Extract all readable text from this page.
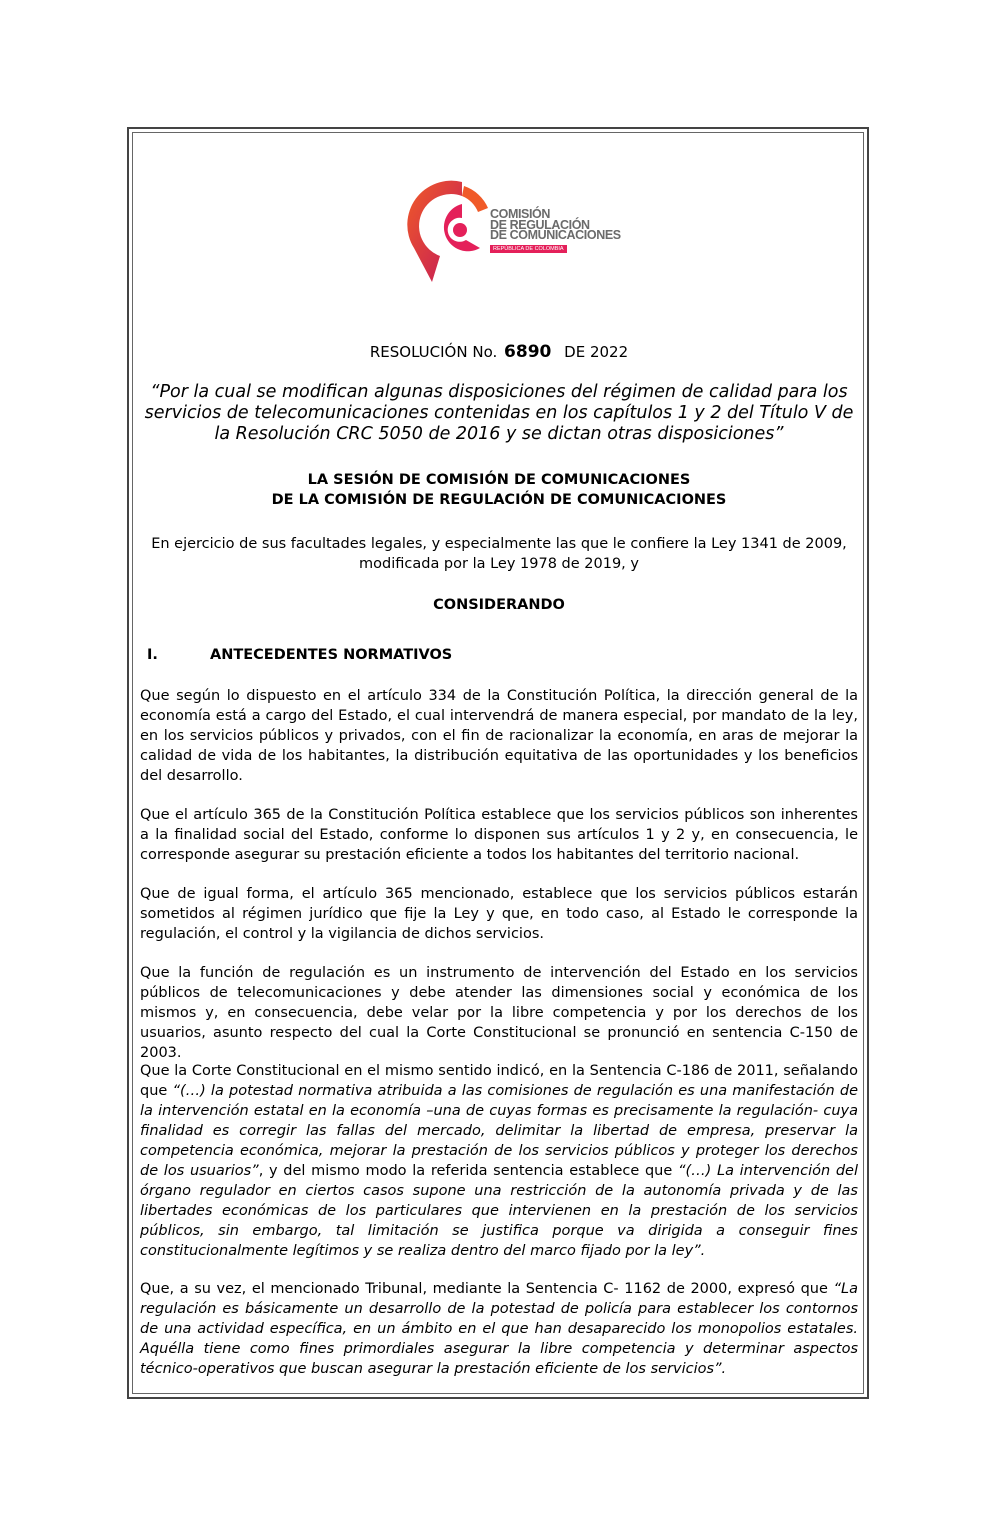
COMISIÓN
DE REGULACIÓN
DE COMUNICACIONES
REPÚBLICA DE COLOMBIA
RESOLUCIÓN No. 6890 DE 2022
“Por la cual se modifican algunas disposiciones del régimen de calidad para los servicios de telecomunicaciones contenidas en los capítulos 1 y 2 del Título V de la Resolución CRC 5050 de 2016 y se dictan otras disposiciones”
LA SESIÓN DE COMISIÓN DE COMUNICACIONES
DE LA COMISIÓN DE REGULACIÓN DE COMUNICACIONES
En ejercicio de sus facultades legales, y especialmente las que le confiere la Ley 1341 de 2009, modificada por la Ley 1978 de 2019, y
CONSIDERANDO
I.	ANTECEDENTES NORMATIVOS
Que según lo dispuesto en el artículo 334 de la Constitución Política, la dirección general de la economía está a cargo del Estado, el cual intervendrá de manera especial, por mandato de la ley, en los servicios públicos y privados, con el fin de racionalizar la economía, en aras de mejorar la calidad de vida de los habitantes, la distribución equitativa de las oportunidades y los beneficios del desarrollo.
Que el artículo 365 de la Constitución Política establece que los servicios públicos son inherentes a la finalidad social del Estado, conforme lo disponen sus artículos 1 y 2 y, en consecuencia, le corresponde asegurar su prestación eficiente a todos los habitantes del territorio nacional.
Que de igual forma, el artículo 365 mencionado, establece que los servicios públicos estarán sometidos al régimen jurídico que fije la Ley y que, en todo caso, al Estado le corresponde la regulación, el control y la vigilancia de dichos servicios.
Que la función de regulación es un instrumento de intervención del Estado en los servicios públicos de telecomunicaciones y debe atender las dimensiones social y económica de los mismos y, en consecuencia, debe velar por la libre competencia y por los derechos de los usuarios, asunto respecto del cual la Corte Constitucional se pronunció en sentencia C-150 de 2003.
Que la Corte Constitucional en el mismo sentido indicó, en la Sentencia C-186 de 2011, señalando que “(…) la potestad normativa atribuida a las comisiones de regulación es una manifestación de la intervención estatal en la economía –una de cuyas formas es precisamente la regulación- cuya finalidad es corregir las fallas del mercado, delimitar la libertad de empresa, preservar la competencia económica, mejorar la prestación de los servicios públicos y proteger los derechos de los usuarios”, y del mismo modo la referida sentencia establece que “(…) La intervención del órgano regulador en ciertos casos supone una restricción de la autonomía privada y de las libertades económicas de los particulares que intervienen en la prestación de los servicios públicos, sin embargo, tal limitación se justifica porque va dirigida a conseguir fines constitucionalmente legítimos y se realiza dentro del marco fijado por la ley”.
Que, a su vez, el mencionado Tribunal, mediante la Sentencia C- 1162 de 2000, expresó que “La regulación es básicamente un desarrollo de la potestad de policía para establecer los contornos de una actividad específica, en un ámbito en el que han desaparecido los monopolios estatales. Aquélla tiene como fines primordiales asegurar la libre competencia y determinar aspectos técnico-operativos que buscan asegurar la prestación eficiente de los servicios”.
